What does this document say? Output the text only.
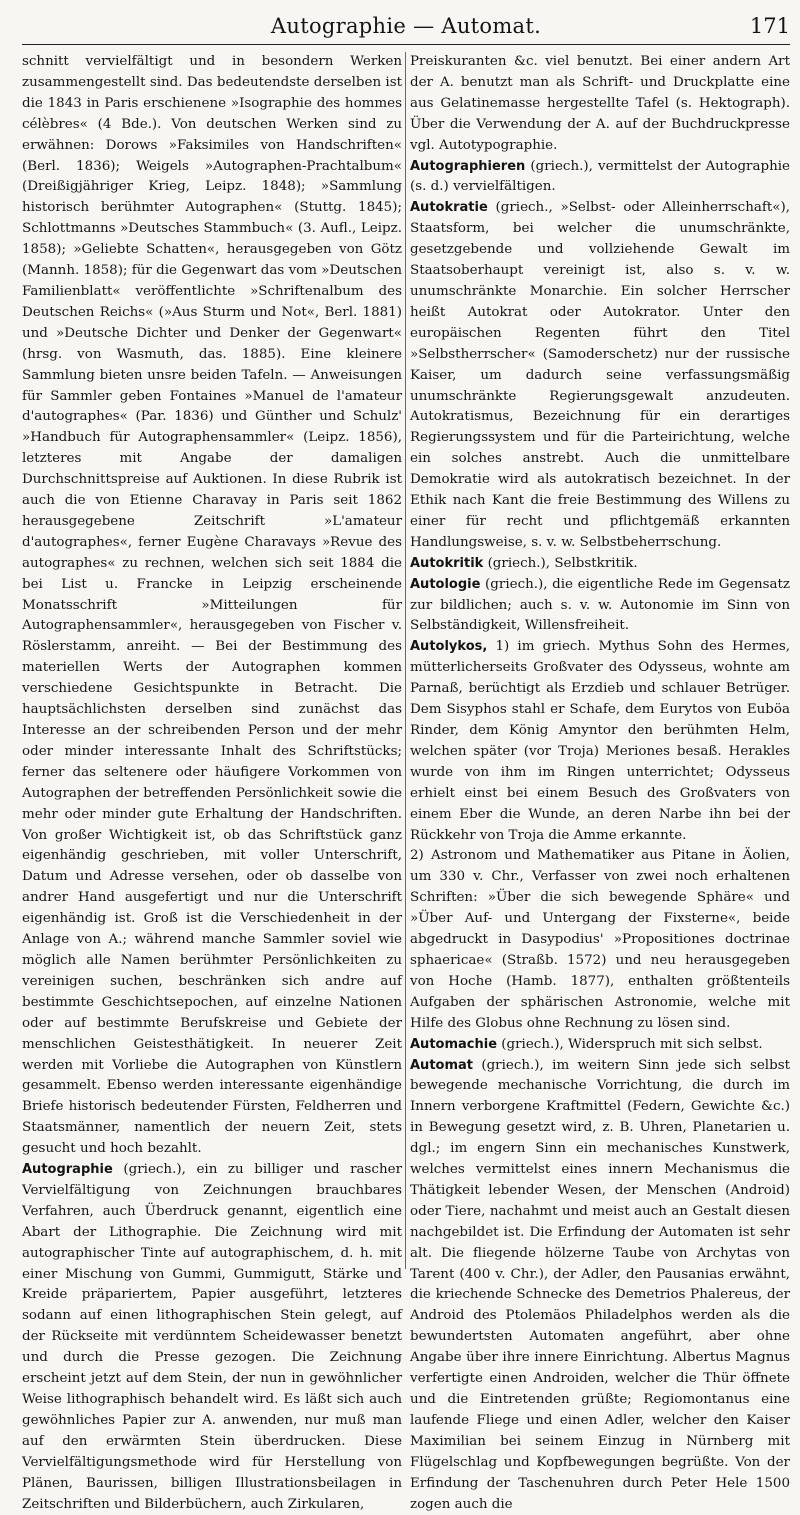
Autographie — Automat.	171

schnitt vervielfältigt und in besondern Werken zusammengestellt sind. Das bedeutendste derselben ist die 1843 in Paris erschienene »Isographie des hommes célèbres« (4 Bde.). Von deutschen Werken sind zu erwähnen: Dorows »Faksimiles von Handschriften« (Berl. 1836); Weigels »Autographen-Prachtalbum« (Dreißigjähriger Krieg, Leipz. 1848); »Sammlung historisch berühmter Autographen« (Stuttg. 1845); Schlottmanns »Deutsches Stammbuch« (3. Aufl., Leipz. 1858); »Geliebte Schatten«, herausgegeben von Götz (Mannh. 1858); für die Gegenwart das vom »Deutschen Familienblatt« veröffentlichte »Schriftenalbum des Deutschen Reichs« (»Aus Sturm und Not«, Berl. 1881) und »Deutsche Dichter und Denker der Gegenwart« (hrsg. von Wasmuth, das. 1885). Eine kleinere Sammlung bieten unsre beiden Tafeln. — Anweisungen für Sammler geben Fontaines »Manuel de l'amateur d'autographes« (Par. 1836) und Günther und Schulz' »Handbuch für Autographensammler« (Leipz. 1856), letzteres mit Angabe der damaligen Durchschnittspreise auf Auktionen. In diese Rubrik ist auch die von Etienne Charavay in Paris seit 1862 herausgegebene Zeitschrift »L'amateur d'autographes«, ferner Eugène Charavays »Revue des autographes« zu rechnen, welchen sich seit 1884 die bei List u. Francke in Leipzig erscheinende Monatsschrift »Mitteilungen für Autographensammler«, herausgegeben von Fischer v. Röslerstamm, anreiht. — Bei der Bestimmung des materiellen Werts der Autographen kommen verschiedene Gesichtspunkte in Betracht. Die hauptsächlichsten derselben sind zunächst das Interesse an der schreibenden Person und der mehr oder minder interessante Inhalt des Schriftstücks; ferner das seltenere oder häufigere Vorkommen von Autographen der betreffenden Persönlichkeit sowie die mehr oder minder gute Erhaltung der Handschriften. Von großer Wichtigkeit ist, ob das Schriftstück ganz eigenhändig geschrieben, mit voller Unterschrift, Datum und Adresse versehen, oder ob dasselbe von andrer Hand ausgefertigt und nur die Unterschrift eigenhändig ist. Groß ist die Verschiedenheit in der Anlage von A.; während manche Sammler soviel wie möglich alle Namen berühmter Persönlichkeiten zu vereinigen suchen, beschränken sich andre auf bestimmte Geschichtsepochen, auf einzelne Nationen oder auf bestimmte Berufskreise und Gebiete der menschlichen Geistesthätigkeit. In neuerer Zeit werden mit Vorliebe die Autographen von Künstlern gesammelt. Ebenso werden interessante eigenhändige Briefe historisch bedeutender Fürsten, Feldherren und Staatsmänner, namentlich der neuern Zeit, stets gesucht und hoch bezahlt.

Autographie (griech.), ein zu billiger und rascher Vervielfältigung von Zeichnungen brauchbares Verfahren, auch Überdruck genannt, eigentlich eine Abart der Lithographie. Die Zeichnung wird mit autographischer Tinte auf autographischem, d. h. mit einer Mischung von Gummi, Gummigutt, Stärke und Kreide präpariertem, Papier ausgeführt, letzteres sodann auf einen lithographischen Stein gelegt, auf der Rückseite mit verdünntem Scheidewasser benetzt und durch die Presse gezogen. Die Zeichnung erscheint jetzt auf dem Stein, der nun in gewöhnlicher Weise lithographisch behandelt wird. Es läßt sich auch gewöhnliches Papier zur A. anwenden, nur muß man auf den erwärmten Stein überdrucken. Diese Vervielfältigungsmethode wird für Herstellung von Plänen, Baurissen, billigen Illustrationsbeilagen in Zeitschriften und Bilderbüchern, auch Zirkularen,

Preiskuranten &c. viel benutzt. Bei einer andern Art der A. benutzt man als Schrift- und Druckplatte eine aus Gelatinemasse hergestellte Tafel (s. Hektograph). Über die Verwendung der A. auf der Buchdruckpresse vgl. Autotypographie.

Autographieren (griech.), vermittelst der Autographie (s. d.) vervielfältigen.

Autokratie (griech., »Selbst- oder Alleinherrschaft«), Staatsform, bei welcher die unumschränkte, gesetzgebende und vollziehende Gewalt im Staatsoberhaupt vereinigt ist, also s. v. w. unumschränkte Monarchie. Ein solcher Herrscher heißt Autokrat oder Autokrator. Unter den europäischen Regenten führt den Titel »Selbstherrscher« (Samoderschetz) nur der russische Kaiser, um dadurch seine verfassungsmäßig unumschränkte Regierungsgewalt anzudeuten. Autokratismus, Bezeichnung für ein derartiges Regierungssystem und für die Parteirichtung, welche ein solches anstrebt. Auch die unmittelbare Demokratie wird als autokratisch bezeichnet. In der Ethik nach Kant die freie Bestimmung des Willens zu einer für recht und pflichtgemäß erkannten Handlungsweise, s. v. w. Selbstbeherrschung.

Autokritik (griech.), Selbstkritik.

Autologie (griech.), die eigentliche Rede im Gegensatz zur bildlichen; auch s. v. w. Autonomie im Sinn von Selbständigkeit, Willensfreiheit.

Autolykos, 1) im griech. Mythus Sohn des Hermes, mütterlicherseits Großvater des Odysseus, wohnte am Parnaß, berüchtigt als Erzdieb und schlauer Betrüger. Dem Sisyphos stahl er Schafe, dem Eurytos von Euböa Rinder, dem König Amyntor den berühmten Helm, welchen später (vor Troja) Meriones besaß. Herakles wurde von ihm im Ringen unterrichtet; Odysseus erhielt einst bei einem Besuch des Großvaters von einem Eber die Wunde, an deren Narbe ihn bei der Rückkehr von Troja die Amme erkannte.

2) Astronom und Mathematiker aus Pitane in Äolien, um 330 v. Chr., Verfasser von zwei noch erhaltenen Schriften: »Über die sich bewegende Sphäre« und »Über Auf- und Untergang der Fixsterne«, beide abgedruckt in Dasypodius' »Propositiones doctrinae sphaericae« (Straßb. 1572) und neu herausgegeben von Hoche (Hamb. 1877), enthalten größtenteils Aufgaben der sphärischen Astronomie, welche mit Hilfe des Globus ohne Rechnung zu lösen sind.

Automachie (griech.), Widerspruch mit sich selbst.

Automat (griech.), im weitern Sinn jede sich selbst bewegende mechanische Vorrichtung, die durch im Innern verborgene Kraftmittel (Federn, Gewichte &c.) in Bewegung gesetzt wird, z. B. Uhren, Planetarien u. dgl.; im engern Sinn ein mechanisches Kunstwerk, welches vermittelst eines innern Mechanismus die Thätigkeit lebender Wesen, der Menschen (Android) oder Tiere, nachahmt und meist auch an Gestalt diesen nachgebildet ist. Die Erfindung der Automaten ist sehr alt. Die fliegende hölzerne Taube von Archytas von Tarent (400 v. Chr.), der Adler, den Pausanias erwähnt, die kriechende Schnecke des Demetrios Phalereus, der Android des Ptolemäos Philadelphos werden als die bewundertsten Automaten angeführt, aber ohne Angabe über ihre innere Einrichtung. Albertus Magnus verfertigte einen Androiden, welcher die Thür öffnete und die Eintretenden grüßte; Regiomontanus eine laufende Fliege und einen Adler, welcher den Kaiser Maximilian bei seinem Einzug in Nürnberg mit Flügelschlag und Kopfbewegungen begrüßte. Von der Erfindung der Taschenuhren durch Peter Hele 1500 zogen auch die
